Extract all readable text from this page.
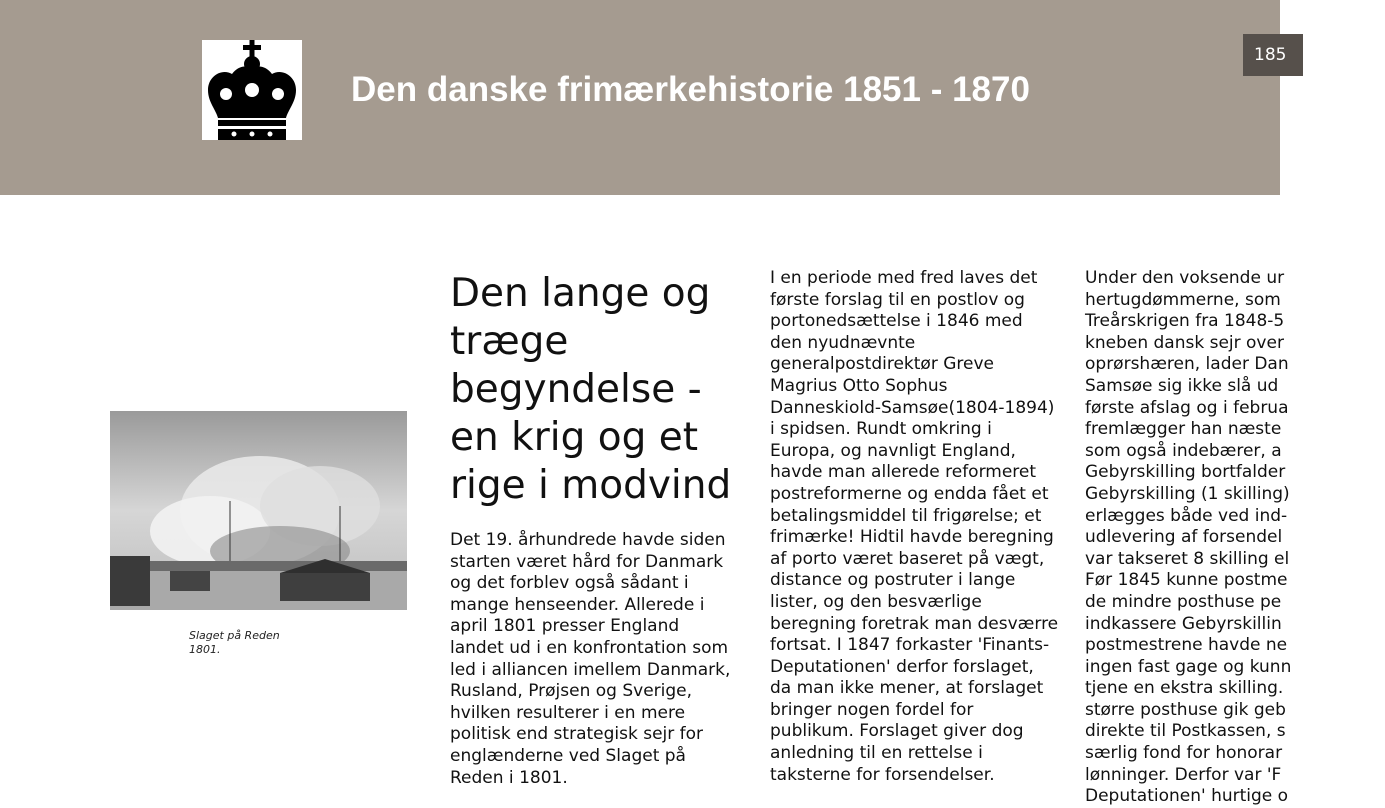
Den danske frimærkehistorie 1851 - 1870
185
Slaget på Reden 1801.
Den lange og træge begyndelse - en krig og et rige i modvind

Det 19. århundrede havde siden starten været hård for Danmark og det forblev også sådant i mange henseender. Allerede i april 1801 presser England landet ud i en konfrontation som led i alliancen imellem Danmark, Rusland, Prøjsen og Sverige, hvilken resulterer i en mere politisk end strategisk sejr for englænderne ved Slaget på Reden i 1801.

I en periode med fred laves det første forslag til en postlov og portonedsættelse i 1846 med den nyudnævnte generalpostdirektør Greve Magrius Otto Sophus Danneskiold-Samsøe(1804-1894) i spidsen. Rundt omkring i Europa, og navnligt England, havde man allerede reformeret postreformerne og endda fået et betalingsmiddel til frigørelse; et frimærke! Hidtil havde beregning af porto været baseret på vægt, distance og postruter i lange lister, og den besværlige beregning foretrak man desværre fortsat. I 1847 forkaster 'Finants-Deputationen' derfor forslaget, da man ikke mener, at forslaget bringer nogen fordel for publikum. Forslaget giver dog anledning til en rettelse i taksterne for forsendelser.

Under den voksende ur
hertugdømmerne, som
Treårskrigen fra 1848-5
kneben dansk sejr over
oprørshæren, lader Dan
Samsøe sig ikke slå ud
første afslag og i februa
fremlægger han næste
som også indebærer, a
Gebyrskilling bortfalder
Gebyrskilling (1 skilling)
erlægges både ved ind-
udlevering af forsendel
var takseret 8 skilling el
Før 1845 kunne postme
de mindre posthuse pe
indkassere Gebyrskillin
postmestrene havde ne
ingen fast gage og kunn
tjene en ekstra skilling.
større posthuse gik geb
direkte til Postkassen, s
særlig fond for honorar
lønninger. Derfor var 'F
Deputationen' hurtige o
